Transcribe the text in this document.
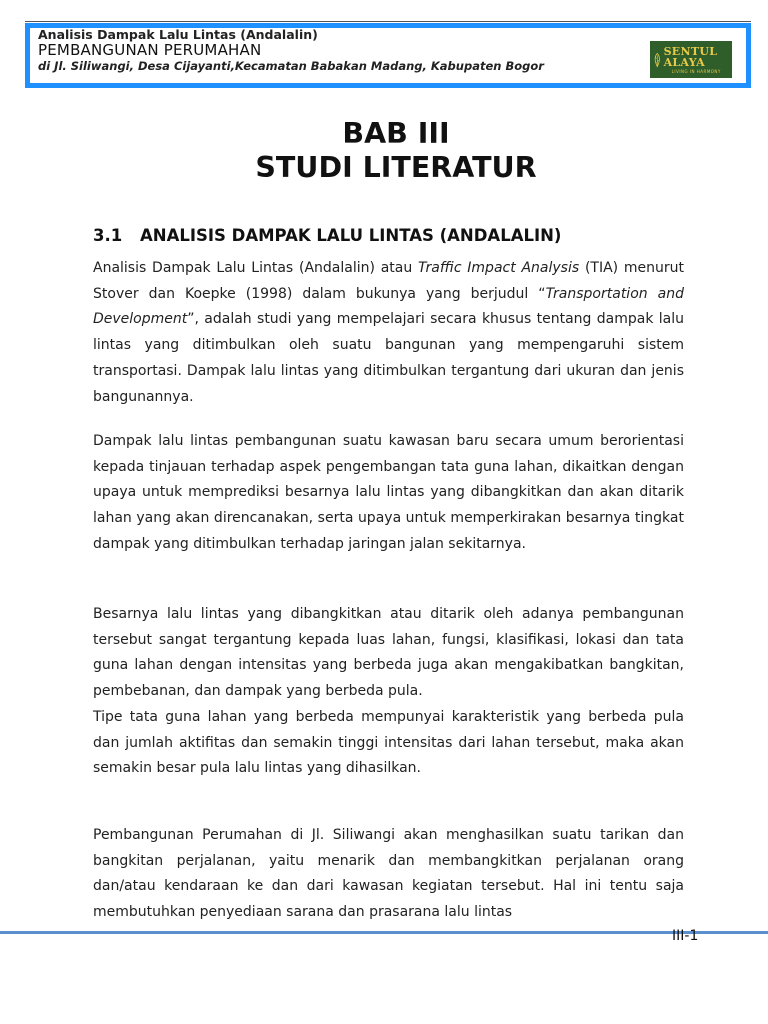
Analisis Dampak Lalu Lintas (Andalalin)
PEMBANGUNAN PERUMAHAN
di Jl. Siliwangi, Desa Cijayanti,Kecamatan Babakan Madang, Kabupaten Bogor
SENTUL ALAYA
LIVING IN HARMONY
BAB III
STUDI LITERATUR
3.1 ANALISIS DAMPAK LALU LINTAS (ANDALALIN)

Analisis Dampak Lalu Lintas (Andalalin) atau Traffic Impact Analysis (TIA) menurut Stover dan Koepke (1998) dalam bukunya yang berjudul “Transportation and Development”, adalah studi yang mempelajari secara khusus tentang dampak lalu lintas yang ditimbulkan oleh suatu bangunan yang mempengaruhi sistem transportasi. Dampak lalu lintas yang ditimbulkan tergantung dari ukuran dan jenis bangunannya.

Dampak lalu lintas pembangunan suatu kawasan baru secara umum berorientasi kepada tinjauan terhadap aspek pengembangan tata guna lahan, dikaitkan dengan upaya untuk memprediksi besarnya lalu lintas yang dibangkitkan dan akan ditarik lahan yang akan direncanakan, serta upaya untuk memperkirakan besarnya tingkat dampak yang ditimbulkan terhadap jaringan jalan sekitarnya.

Besarnya lalu lintas yang dibangkitkan atau ditarik oleh adanya pembangunan tersebut sangat tergantung kepada luas lahan, fungsi, klasifikasi, lokasi dan tata guna lahan dengan intensitas yang berbeda juga akan mengakibatkan bangkitan, pembebanan, dan dampak yang berbeda pula.

Tipe tata guna lahan yang berbeda mempunyai karakteristik yang berbeda pula dan jumlah aktifitas dan semakin tinggi intensitas dari lahan tersebut, maka akan semakin besar pula lalu lintas yang dihasilkan.

Pembangunan Perumahan di Jl. Siliwangi akan menghasilkan suatu tarikan dan bangkitan perjalanan, yaitu menarik dan membangkitkan perjalanan orang dan/atau kendaraan ke dan dari kawasan kegiatan tersebut. Hal ini tentu saja membutuhkan penyediaan sarana dan prasarana lalu lintas

III-1
